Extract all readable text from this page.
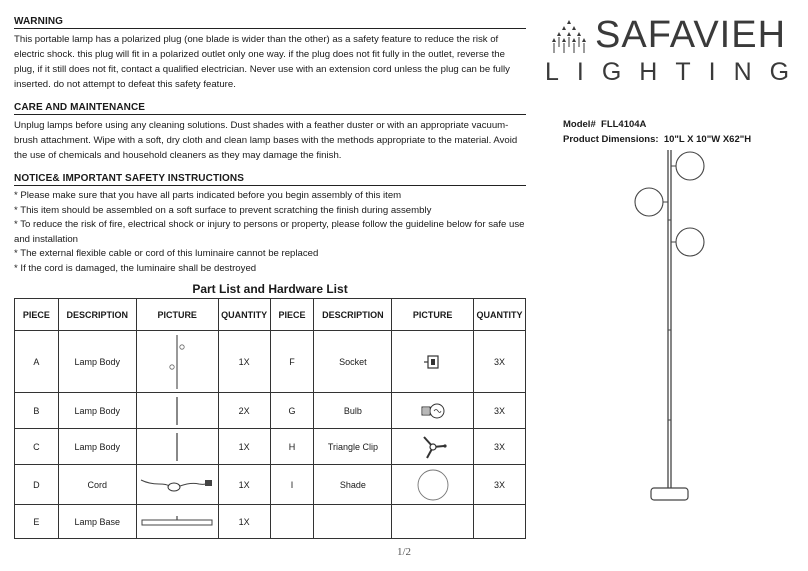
WARNING
This portable lamp has a polarized plug (one blade is wider than the other) as a safety feature to reduce the risk of electric shock. this plug will fit in a polarized outlet only one way. if the plug does not fit fully in the outlet, reverse the plug, if it still does not fit, contact a qualified electrician. Never use with an extension cord unless the plug can be fully inserted. do not attempt to defeat this safety feature.
CARE AND MAINTENANCE
Unplug lamps before using any cleaning solutions. Dust shades with a feather duster or with an appropriate vacuum-brush attachment. Wipe with a soft, dry cloth and clean lamp bases with the methods appropriate to the material. Avoid the use of chemicals and household cleaners as they may damage the finish.
NOTICE& IMPORTANT SAFETY INSTRUCTIONS

* Please make sure that you have all parts indicated before you begin assembly of this item

* This item should be assembled on a soft surface to prevent scratching the finish during assembly

* To reduce the risk of fire, electrical shock or injury to persons or property, please follow the guideline below for safe use and installation

* The external flexible cable or cord of this luminaire cannot be replaced

* If the cord is damaged, the luminaire shall be destroyed

Part List and Hardware List
PIECE	DESCRIPTION	PICTURE	QUANTITY	PIECE	DESCRIPTION	PICTURE	QUANTITY
A	Lamp Body		1X	F	Socket		3X
B	Lamp Body		2X	G	Bulb		3X
C	Lamp Body		1X	H	Triangle Clip		3X
D	Cord		1X	I	Shade		3X
E	Lamp Base		1X				
SAFAVIEH
LIGHTING
Model# FLL4104A
Product Dimensions: 10"L X 10"W X62"H
1/2
